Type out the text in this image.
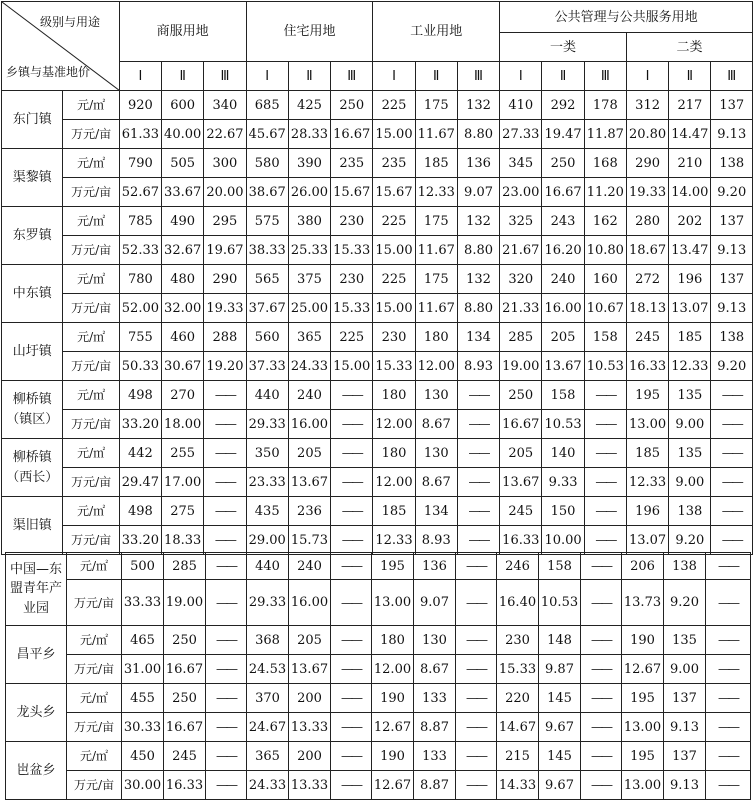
级别与用途
乡镇与基准地价		商服用地			住宅用地			工业用地			公共管理与公共服务用地					
											一类			二类		
		Ⅰ	Ⅱ	Ⅲ	Ⅰ	Ⅱ	Ⅲ	Ⅰ	Ⅱ	Ⅲ	Ⅰ	Ⅱ	Ⅲ	Ⅰ	Ⅱ	Ⅲ
东门镇	元/㎡	920	600	340	685	425	250	225	175	132	410	292	178	312	217	137
	万元/亩	61.33	40.00	22.67	45.67	28.33	16.67	15.00	11.67	8.80	27.33	19.47	11.87	20.80	14.47	9.13
渠黎镇	元/㎡	790	505	300	580	390	235	235	185	136	345	250	168	290	210	138
	万元/亩	52.67	33.67	20.00	38.67	26.00	15.67	15.67	12.33	9.07	23.00	16.67	11.20	19.33	14.00	9.20
东罗镇	元/㎡	785	490	295	575	380	230	225	175	132	325	243	162	280	202	137
	万元/亩	52.33	32.67	19.67	38.33	25.33	15.33	15.00	11.67	8.80	21.67	16.20	10.80	18.67	13.47	9.13
中东镇	元/㎡	780	480	290	565	375	230	225	175	132	320	240	160	272	196	137
	万元/亩	52.00	32.00	19.33	37.67	25.00	15.33	15.00	11.67	8.80	21.33	16.00	10.67	18.13	13.07	9.13
山圩镇	元/㎡	755	460	288	560	365	225	230	180	134	285	205	158	245	185	138
	万元/亩	50.33	30.67	19.20	37.33	24.33	15.00	15.33	12.00	8.93	19.00	13.67	10.53	16.33	12.33	9.20
柳桥镇（镇区）	元/㎡	498	270	——	440	240	——	180	130	——	250	158	——	195	135	——
	万元/亩	33.20	18.00	——	29.33	16.00	——	12.00	8.67	——	16.67	10.53	——	13.00	9.00	——
柳桥镇（西长）	元/㎡	442	255	——	350	205	——	180	130	——	205	140	——	185	135	——
	万元/亩	29.47	17.00	——	23.33	13.67	——	12.00	8.67	——	13.67	9.33	——	12.33	9.00	——
渠旧镇	元/㎡	498	275	——	435	236	——	185	134	——	245	150	——	196	138	——
	万元/亩	33.20	18.33	——	29.00	15.73	——	12.33	8.93	——	16.33	10.00	——	13.07	9.20	——
中国—东盟青年产业园	元/㎡	500	285	——	440	240	——	195	136	——	246	158	——	206	138	——
	万元/亩	33.33	19.00	——	29.33	16.00	——	13.00	9.07	——	16.40	10.53	——	13.73	9.20	——
昌平乡	元/㎡	465	250	——	368	205	——	180	130	——	230	148	——	190	135	——
	万元/亩	31.00	16.67	——	24.53	13.67	——	12.00	8.67	——	15.33	9.87	——	12.67	9.00	——
龙头乡	元/㎡	455	250	——	370	200	——	190	133	——	220	145	——	195	137	——
	万元/亩	30.33	16.67	——	24.67	13.33	——	12.67	8.87	——	14.67	9.67	——	13.00	9.13	——
岜盆乡	元/㎡	450	245	——	365	200	——	190	133	——	215	145	——	195	137	——
	万元/亩	30.00	16.33	——	24.33	13.33	——	12.67	8.87	——	14.33	9.67	——	13.00	9.13	——
